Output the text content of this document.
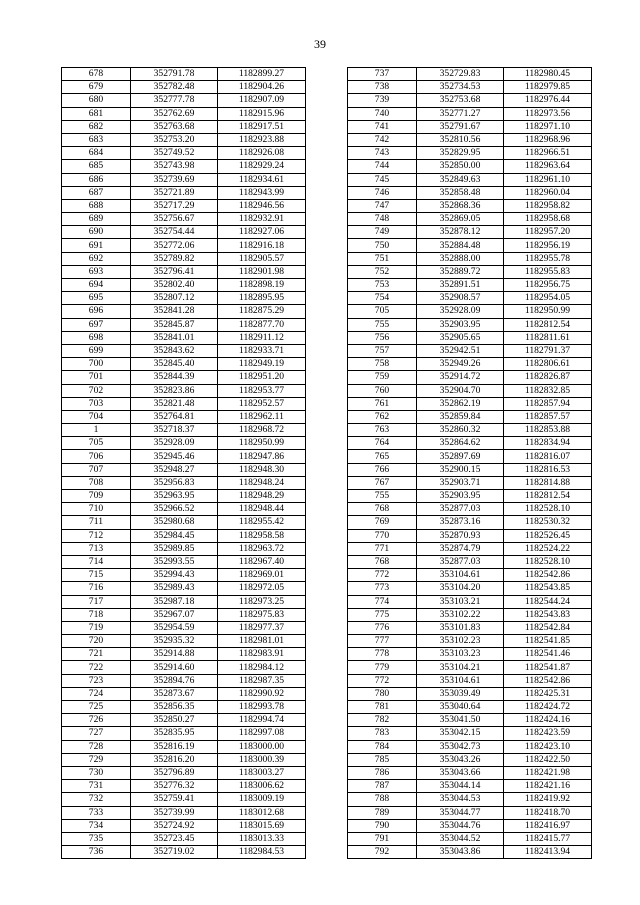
39
678	352791.78	1182899.27
679	352782.48	1182904.26
680	352777.78	1182907.09
681	352762.69	1182915.96
682	352763.68	1182917.51
683	352753.20	1182923.88
684	352749.52	1182926.08
685	352743.98	1182929.24
686	352739.69	1182934.61
687	352721.89	1182943.99
688	352717.29	1182946.56
689	352756.67	1182932.91
690	352754.44	1182927.06
691	352772.06	1182916.18
692	352789.82	1182905.57
693	352796.41	1182901.98
694	352802.40	1182898.19
695	352807.12	1182895.95
696	352841.28	1182875.29
697	352845.87	1182877.70
698	352841.01	1182911.12
699	352843.62	1182933.71
700	352845.40	1182949.19
701	352844.39	1182951.20
702	352823.86	1182953.77
703	352821.48	1182952.57
704	352764.81	1182962.11
1	352718.37	1182968.72
705	352928.09	1182950.99
706	352945.46	1182947.86
707	352948.27	1182948.30
708	352956.83	1182948.24
709	352963.95	1182948.29
710	352966.52	1182948.44
711	352980.68	1182955.42
712	352984.45	1182958.58
713	352989.85	1182963.72
714	352993.55	1182967.40
715	352994.43	1182969.01
716	352989.43	1182972.05
717	352987.18	1182973.25
718	352967.07	1182975.83
719	352954.59	1182977.37
720	352935.32	1182981.01
721	352914.88	1182983.91
722	352914.60	1182984.12
723	352894.76	1182987.35
724	352873.67	1182990.92
725	352856.35	1182993.78
726	352850.27	1182994.74
727	352835.95	1182997.08
728	352816.19	1183000.00
729	352816.20	1183000.39
730	352796.89	1183003.27
731	352776.32	1183006.62
732	352759.41	1183009.19
733	352739.99	1183012.68
734	352724.92	1183015.69
735	352723.45	1183013.33
736	352719.02	1182984.53
737	352729.83	1182980.45
738	352734.53	1182979.85
739	352753.68	1182976.44
740	352771.27	1182973.56
741	352791.67	1182971.10
742	352810.56	1182968.96
743	352829.95	1182966.51
744	352850.00	1182963.64
745	352849.63	1182961.10
746	352858.48	1182960.04
747	352868.36	1182958.82
748	352869.05	1182958.68
749	352878.12	1182957.20
750	352884.48	1182956.19
751	352888.00	1182955.78
752	352889.72	1182955.83
753	352891.51	1182956.75
754	352908.57	1182954.05
705	352928.09	1182950.99
755	352903.95	1182812.54
756	352905.65	1182811.61
757	352942.51	1182791.37
758	352949.26	1182806.61
759	352914.72	1182826.87
760	352904.70	1182832.85
761	352862.19	1182857.94
762	352859.84	1182857.57
763	352860.32	1182853.88
764	352864.62	1182834.94
765	352897.69	1182816.07
766	352900.15	1182816.53
767	352903.71	1182814.88
755	352903.95	1182812.54
768	352877.03	1182528.10
769	352873.16	1182530.32
770	352870.93	1182526.45
771	352874.79	1182524.22
768	352877.03	1182528.10
772	353104.61	1182542.86
773	353104.20	1182543.85
774	353103.21	1182544.24
775	353102.22	1182543.83
776	353101.83	1182542.84
777	353102.23	1182541.85
778	353103.23	1182541.46
779	353104.21	1182541.87
772	353104.61	1182542.86
780	353039.49	1182425.31
781	353040.64	1182424.72
782	353041.50	1182424.16
783	353042.15	1182423.59
784	353042.73	1182423.10
785	353043.26	1182422.50
786	353043.66	1182421.98
787	353044.14	1182421.16
788	353044.53	1182419.92
789	353044.77	1182418.70
790	353044.76	1182416.97
791	353044.52	1182415.77
792	353043.86	1182413.94
